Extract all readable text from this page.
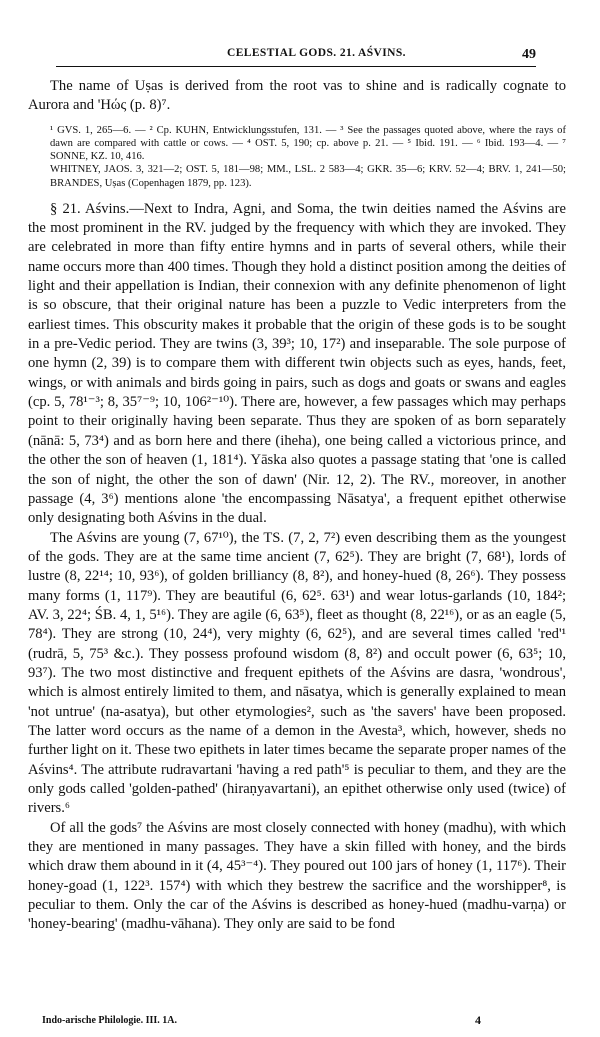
CELESTIAL GODS. 21. AŚVINS.	49

The name of Uṣas is derived from the root vas to shine and is radically cognate to Aurora and 'Ηώς (p. 8)⁷.

¹ GVS. 1, 265—6. — ² Cp. KUHN, Entwicklungsstufen, 131. — ³ See the passages quoted above, where the rays of dawn are compared with cattle or cows. — ⁴ OST. 5, 190; cp. above p. 21. — ⁵ Ibid. 191. — ⁶ Ibid. 193—4. — ⁷ SONNE, KZ. 10, 416.
WHITNEY, JAOS. 3, 321—2; OST. 5, 181—98; MM., LSL. 2 583—4; GKR. 35—6; KRV. 52—4; BRV. 1, 241—50; BRANDES, Uṣas (Copenhagen 1879, pp. 123).

§ 21. Aśvins.—Next to Indra, Agni, and Soma, the twin deities named the Aśvins are the most prominent in the RV. judged by the frequency with which they are invoked. They are celebrated in more than fifty entire hymns and in parts of several others, while their name occurs more than 400 times. Though they hold a distinct position among the deities of light and their appellation is Indian, their connexion with any definite phenomenon of light is so obscure, that their original nature has been a puzzle to Vedic interpreters from the earliest times. This obscurity makes it probable that the origin of these gods is to be sought in a pre-Vedic period. They are twins (3, 39³; 10, 17²) and inseparable. The sole purpose of one hymn (2, 39) is to compare them with different twin objects such as eyes, hands, feet, wings, or with animals and birds going in pairs, such as dogs and goats or swans and eagles (cp. 5, 78¹⁻³; 8, 35⁷⁻⁹; 10, 106²⁻¹⁰). There are, however, a few passages which may perhaps point to their originally having been separate. Thus they are spoken of as born separately (nānā: 5, 73⁴) and as born here and there (iheha), one being called a victorious prince, and the other the son of heaven (1, 181⁴). Yāska also quotes a passage stating that 'one is called the son of night, the other the son of dawn' (Nir. 12, 2). The RV., moreover, in another passage (4, 3⁶) mentions alone 'the encompassing Nāsatya', a frequent epithet otherwise only designating both Aśvins in the dual.

The Aśvins are young (7, 67¹⁰), the TS. (7, 2, 7²) even describing them as the youngest of the gods. They are at the same time ancient (7, 62⁵). They are bright (7, 68¹), lords of lustre (8, 22¹⁴; 10, 93⁶), of golden brilliancy (8, 8²), and honey-hued (8, 26⁶). They possess many forms (1, 117⁹). They are beautiful (6, 62⁵. 63¹) and wear lotus-garlands (10, 184²; AV. 3, 22⁴; ŚB. 4, 1, 5¹⁶). They are agile (6, 63⁵), fleet as thought (8, 22¹⁶), or as an eagle (5, 78⁴). They are strong (10, 24⁴), very mighty (6, 62⁵), and are several times called 'red'¹ (rudrā, 5, 75³ &c.). They possess profound wisdom (8, 8²) and occult power (6, 63⁵; 10, 93⁷). The two most distinctive and frequent epithets of the Aśvins are dasra, 'wondrous', which is almost entirely limited to them, and nāsatya, which is generally explained to mean 'not untrue' (na-asatya), but other etymologies², such as 'the savers' have been proposed. The latter word occurs as the name of a demon in the Avesta³, which, however, sheds no further light on it. These two epithets in later times became the separate proper names of the Aśvins⁴. The attribute rudravartani 'having a red path'⁵ is peculiar to them, and they are the only gods called 'golden-pathed' (hiraṇyavartani), an epithet otherwise only used (twice) of rivers.⁶

Of all the gods⁷ the Aśvins are most closely connected with honey (madhu), with which they are mentioned in many passages. They have a skin filled with honey, and the birds which draw them abound in it (4, 45³⁻⁴). They poured out 100 jars of honey (1, 117⁶). Their honey-goad (1, 122³. 157⁴) with which they bestrew the sacrifice and the worshipper⁸, is peculiar to them. Only the car of the Aśvins is described as honey-hued (madhu-varṇa) or 'honey-bearing' (madhu-vāhana). They only are said to be fond

Indo-arische Philologie. III. 1A.	4
